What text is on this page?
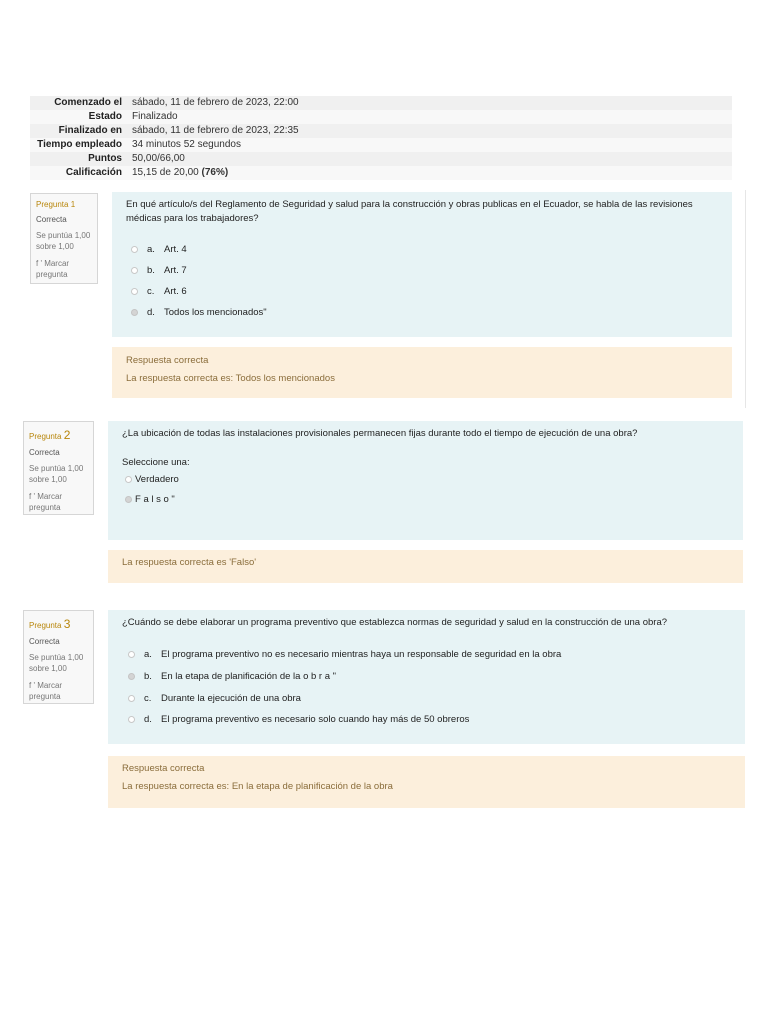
Comenzado el	sábado, 11 de febrero de 2023, 22:00
Estado	Finalizado
Finalizado en	sábado, 11 de febrero de 2023, 22:35
Tiempo empleado	34 minutos 52 segundos
Puntos	50,00/66,00
Calificación	15,15 de 20,00 (76%)
Pregunta 1
Correcta
Se puntúa 1,00 sobre 1,00
f ' Marcar pregunta
En qué artículo/s del Reglamento de Seguridad y salud para la construcción y obras publicas en el Ecuador, se habla de las revisiones médicas para los trabajadores?
a. Art. 4
b. Art. 7
c.	Art. 6
d. Todos los mencionados"
Respuesta correcta
La respuesta correcta es: Todos los mencionados
Pregunta 2
Correcta
Se puntúa 1,00 sobre 1,00
f ' Marcar pregunta
¿La ubicación de todas las instalaciones provisionales permanecen fijas durante todo el tiempo de ejecución de una obra?
Seleccione una:
Verdadero
F a l s o "
La respuesta correcta es 'Falso'
Pregunta 3
Correcta
Se puntúa 1,00 sobre 1,00
f ' Marcar pregunta
¿Cuándo se debe elaborar un programa preventivo que establezca normas de seguridad y salud en la construcción de una obra?
a. El programa preventivo no es necesario mientras haya un responsable de seguridad en la obra
b. En la etapa de planificación de la o b r a "
c.	Durante la ejecución de una obra
d. El programa preventivo es necesario solo cuando hay más de 50 obreros
Respuesta correcta
La respuesta correcta es: En la etapa de planificación de la obra
